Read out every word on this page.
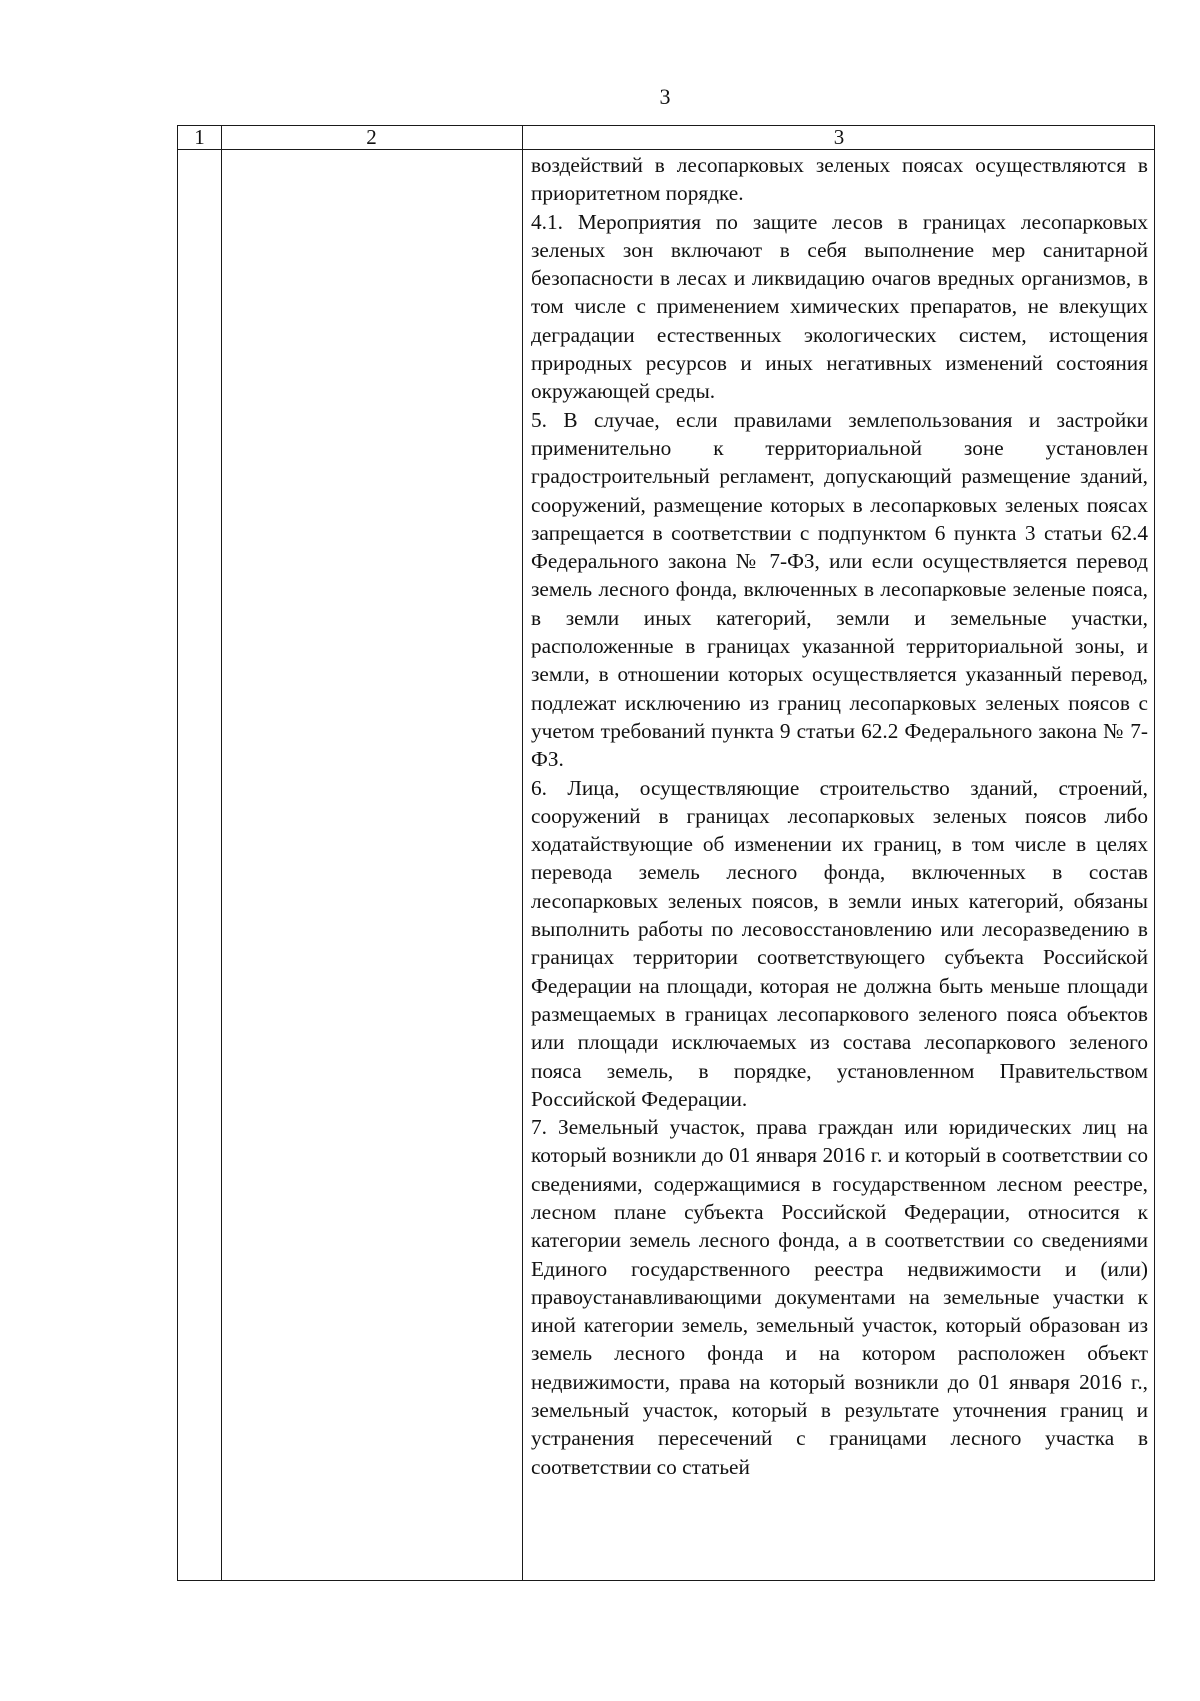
3
1	2	3

воздействий в лесопарковых зеленых поясах осуществляются в приоритетном порядке.

4.1. Мероприятия по защите лесов в границах лесопарковых зеленых зон включают в себя выполнение мер санитарной безопасности в лесах и ликвидацию очагов вредных организмов, в том числе с применением химических препаратов, не влекущих деградации естественных экологических систем, истощения природных ресурсов и иных негативных изменений состояния окружающей среды.

5. В случае, если правилами землепользования и застройки применительно к территориальной зоне установлен градостроительный регламент, допускающий размещение зданий, сооружений, размещение которых в лесопарковых зеленых поясах запрещается в соответствии с подпунктом 6 пункта 3 статьи 62.4 Федерального закона № 7-ФЗ, или если осуществляется перевод земель лесного фонда, включенных в лесопарковые зеленые пояса, в земли иных категорий, земли и земельные участки, расположенные в границах указанной территориальной зоны, и земли, в отношении которых осуществляется указанный перевод, подлежат исключению из границ лесопарковых зеленых поясов с учетом требований пункта 9 статьи 62.2 Федерального закона № 7-ФЗ.

6. Лица, осуществляющие строительство зданий, строений, сооружений в границах лесопарковых зеленых поясов либо ходатайствующие об изменении их границ, в том числе в целях перевода земель лесного фонда, включенных в состав лесопарковых зеленых поясов, в земли иных категорий, обязаны выполнить работы по лесовосстановлению или лесоразведению в границах территории соответствующего субъекта Российской Федерации на площади, которая не должна быть меньше площади размещаемых в границах лесопаркового зеленого пояса объектов или площади исключаемых из состава лесопаркового зеленого пояса земель, в порядке, установленном Правительством Российской Федерации.

7. Земельный участок, права граждан или юридических лиц на который возникли до 01 января 2016 г. и который в соответствии со сведениями, содержащимися в государственном лесном реестре, лесном плане субъекта Российской Федерации, относится к категории земель лесного фонда, а в соответствии со сведениями Единого государственного реестра недвижимости и (или) правоустанавливающими документами на земельные участки к иной категории земель, земельный участок, который образован из земель лесного фонда и на котором расположен объект недвижимости, права на который возникли до 01 января 2016 г., земельный участок, который в результате уточнения границ и устранения пересечений с границами лесного участка в соответствии со статьей
